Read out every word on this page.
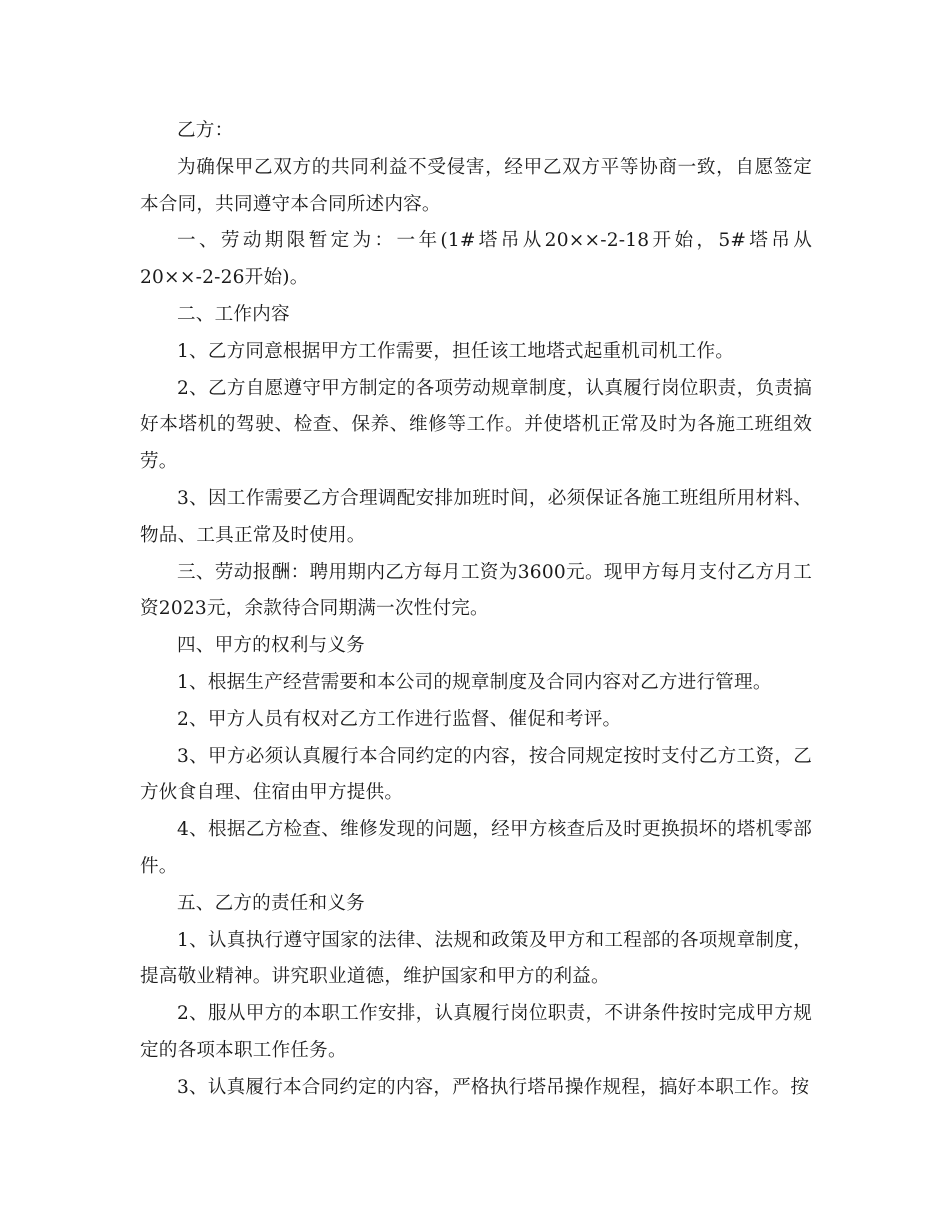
乙方：

为确保甲乙双方的共同利益不受侵害，经甲乙双方平等协商一致，自愿签定本合同，共同遵守本合同所述内容。

一、劳动期限暂定为：一年(1#塔吊从20××-2-18开始，5#塔吊从20××-2-26开始)。

二、工作内容

1、乙方同意根据甲方工作需要，担任该工地塔式起重机司机工作。

2、乙方自愿遵守甲方制定的各项劳动规章制度，认真履行岗位职责，负责搞好本塔机的驾驶、检查、保养、维修等工作。并使塔机正常及时为各施工班组效劳。

3、因工作需要乙方合理调配安排加班时间，必须保证各施工班组所用材料、物品、工具正常及时使用。

三、劳动报酬：聘用期内乙方每月工资为3600元。现甲方每月支付乙方月工资2023元，余款待合同期满一次性付完。

四、甲方的权利与义务

1、根据生产经营需要和本公司的规章制度及合同内容对乙方进行管理。

2、甲方人员有权对乙方工作进行监督、催促和考评。

3、甲方必须认真履行本合同约定的内容，按合同规定按时支付乙方工资，乙方伙食自理、住宿由甲方提供。

4、根据乙方检查、维修发现的问题，经甲方核查后及时更换损坏的塔机零部件。

五、乙方的责任和义务

1、认真执行遵守国家的法律、法规和政策及甲方和工程部的各项规章制度，提高敬业精神。讲究职业道德，维护国家和甲方的利益。

2、服从甲方的本职工作安排，认真履行岗位职责，不讲条件按时完成甲方规定的各项本职工作任务。

3、认真履行本合同约定的内容，严格执行塔吊操作规程，搞好本职工作。按
